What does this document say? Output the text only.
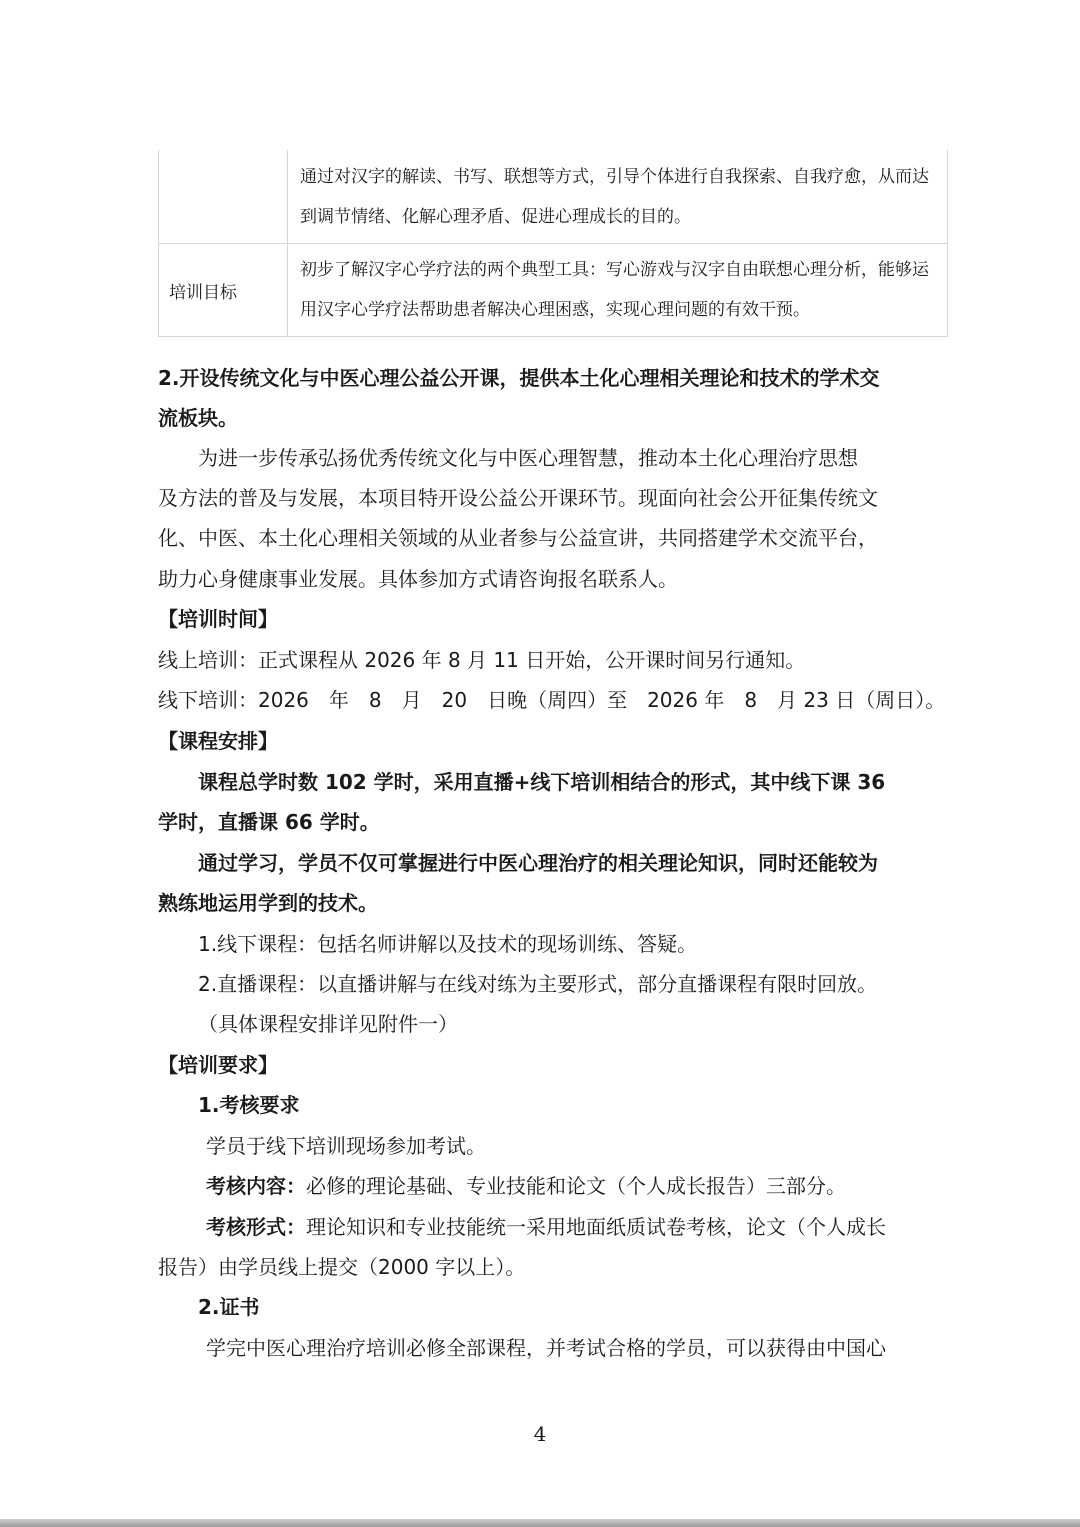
	通过对汉字的解读、书写、联想等方式，引导个体进行自我探索、自我疗愈，从而达到调节情绪、化解心理矛盾、促进心理成长的目的。
培训目标	初步了解汉字心学疗法的两个典型工具：写心游戏与汉字自由联想心理分析，能够运用汉字心学疗法帮助患者解决心理困惑，实现心理问题的有效干预。
2.开设传统文化与中医心理公益公开课，提供本土化心理相关理论和技术的学术交
流板块。
为进一步传承弘扬优秀传统文化与中医心理智慧，推动本土化心理治疗思想
及方法的普及与发展，本项目特开设公益公开课环节。现面向社会公开征集传统文
化、中医、本土化心理相关领域的从业者参与公益宣讲，共同搭建学术交流平台，
助力心身健康事业发展。具体参加方式请咨询报名联系人。
【培训时间】
线上培训：正式课程从 2026 年 8 月 11 日开始，公开课时间另行通知。
线下培训：2026　年　8　月　20　日晚（周四）至　2026 年　8　月 23 日（周日）。
【课程安排】
课程总学时数 102 学时，采用直播+线下培训相结合的形式，其中线下课 36
学时，直播课 66 学时。
通过学习，学员不仅可掌握进行中医心理治疗的相关理论知识，同时还能较为
熟练地运用学到的技术。
1.线下课程：包括名师讲解以及技术的现场训练、答疑。
2.直播课程：以直播讲解与在线对练为主要形式，部分直播课程有限时回放。
（具体课程安排详见附件一）
【培训要求】
1.考核要求
学员于线下培训现场参加考试。
考核内容：必修的理论基础、专业技能和论文（个人成长报告）三部分。
考核形式：理论知识和专业技能统一采用地面纸质试卷考核，论文（个人成长
报告）由学员线上提交（2000 字以上）。
2.证书
学完中医心理治疗培训必修全部课程，并考试合格的学员，可以获得由中国心
4
